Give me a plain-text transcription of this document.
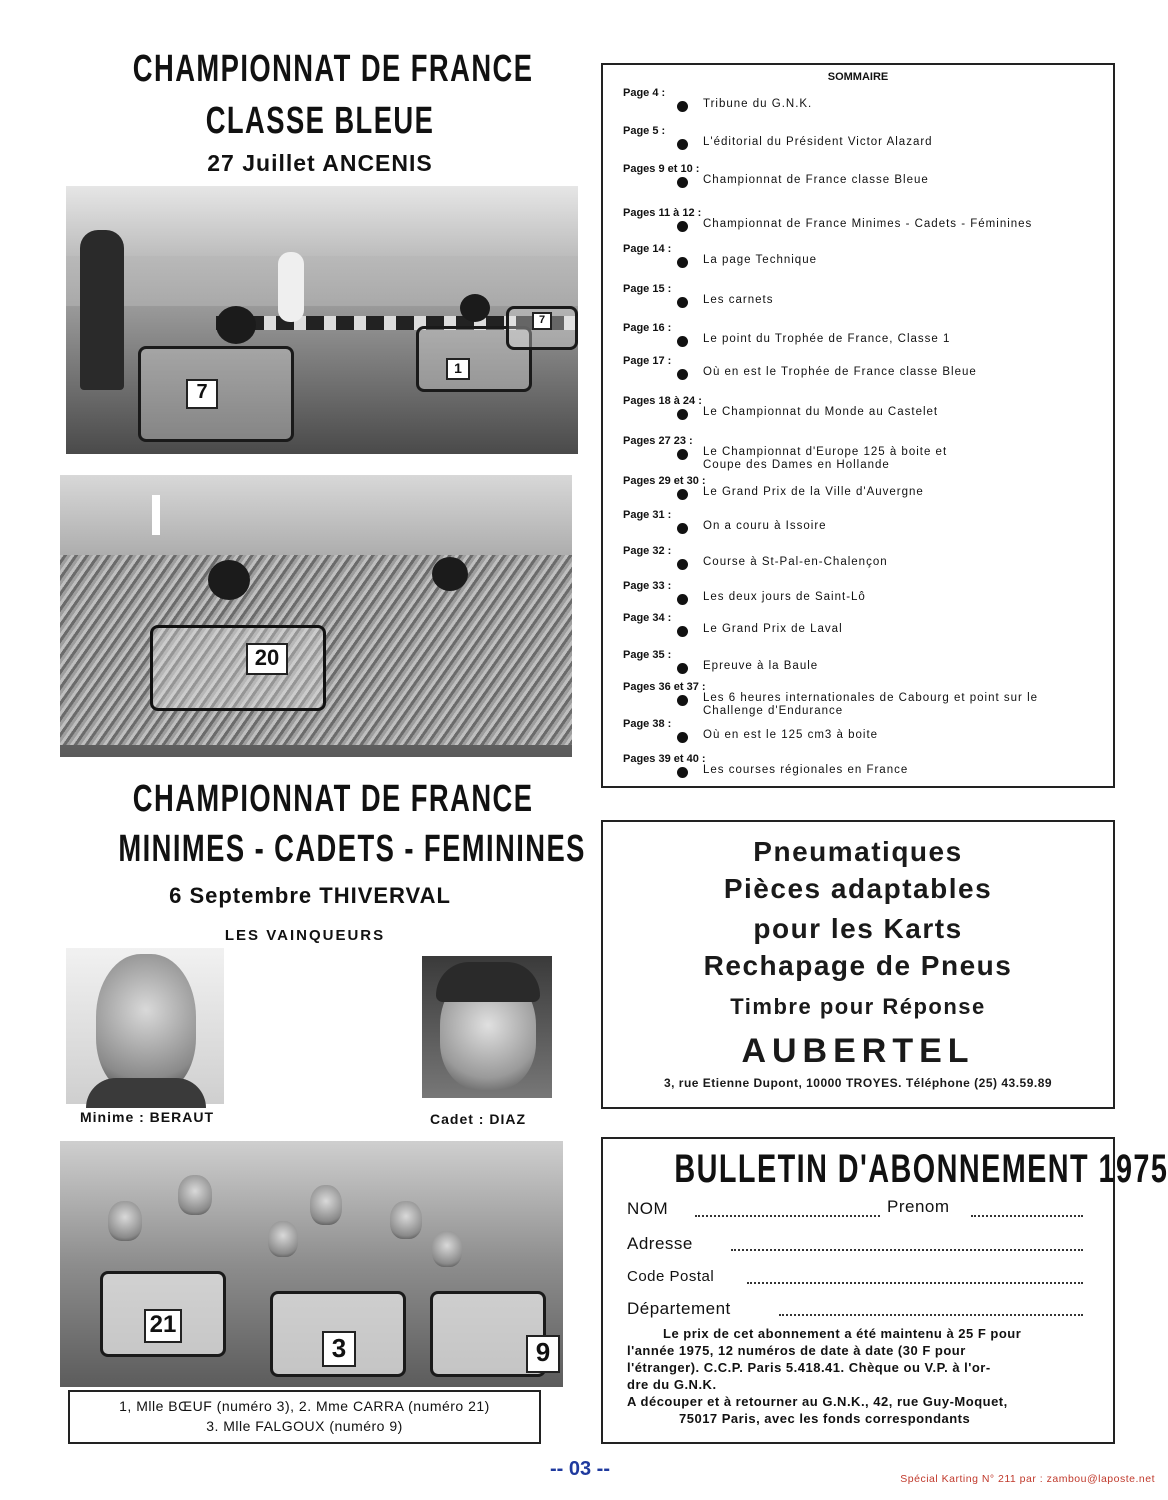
CHAMPIONNAT DE FRANCE
CLASSE BLEUE
27 Juillet ANCENIS
7
1
7
20
CHAMPIONNAT DE FRANCE
MINIMES - CADETS - FEMININES
6 Septembre THIVERVAL
LES VAINQUEURS
Minime : BERAUT	Cadet : DIAZ
21
3	9
1, Mlle BŒUF (numéro 3), 2. Mme CARRA (numéro 21)
3. Mlle FALGOUX (numéro 9)
SOMMAIRE
Page 4 :
Tribune du G.N.K.
Page 5 :
L'éditorial du Président Victor Alazard
Pages 9 et 10 :
Championnat de France classe Bleue
Pages 11 à 12 :
Championnat de France Minimes - Cadets - Féminines
Page 14 :
La page Technique
Page 15 :
Les carnets
Page 16 :
Le point du Trophée de France, Classe 1
Page 17 :
Où en est le Trophée de France classe Bleue
Pages 18 à 24 :
Le Championnat du Monde au Castelet
Pages 27 23 :
Le Championnat d'Europe 125 à boite et
Coupe des Dames en Hollande
Pages 29 et 30 :
Le Grand Prix de la Ville d'Auvergne
Page 31 :
On a couru à Issoire
Page 32 :
Course à St-Pal-en-Chalençon
Page 33 :
Les deux jours de Saint-Lô
Page 34 :
Le Grand Prix de Laval
Page 35 :
Epreuve à la Baule
Pages 36 et 37 :
Les 6 heures internationales de Cabourg et point sur le
Challenge d'Endurance
Page 38 :
Où en est le 125 cm3 à boite
Pages 39 et 40 :
Les courses régionales en France
Pneumatiques
Pièces adaptables
pour les Karts
Rechapage de Pneus
Timbre pour Réponse
AUBERTEL
3, rue Etienne Dupont, 10000 TROYES. Téléphone (25) 43.59.89
BULLETIN D'ABONNEMENT 1975
NOM	Prenom
Adresse
Code Postal
Département
Le prix de cet abonnement a été maintenu à 25 F pour
l'année 1975, 12 numéros de date à date (30 F pour
l'étranger). C.C.P. Paris 5.418.41. Chèque ou V.P. à l'or-
dre du G.N.K.
A découper et à retourner au G.N.K., 42, rue Guy-Moquet,
75017 Paris, avec les fonds correspondants
-- 03 --	Spécial Karting N° 211 par : zambou@laposte.net
